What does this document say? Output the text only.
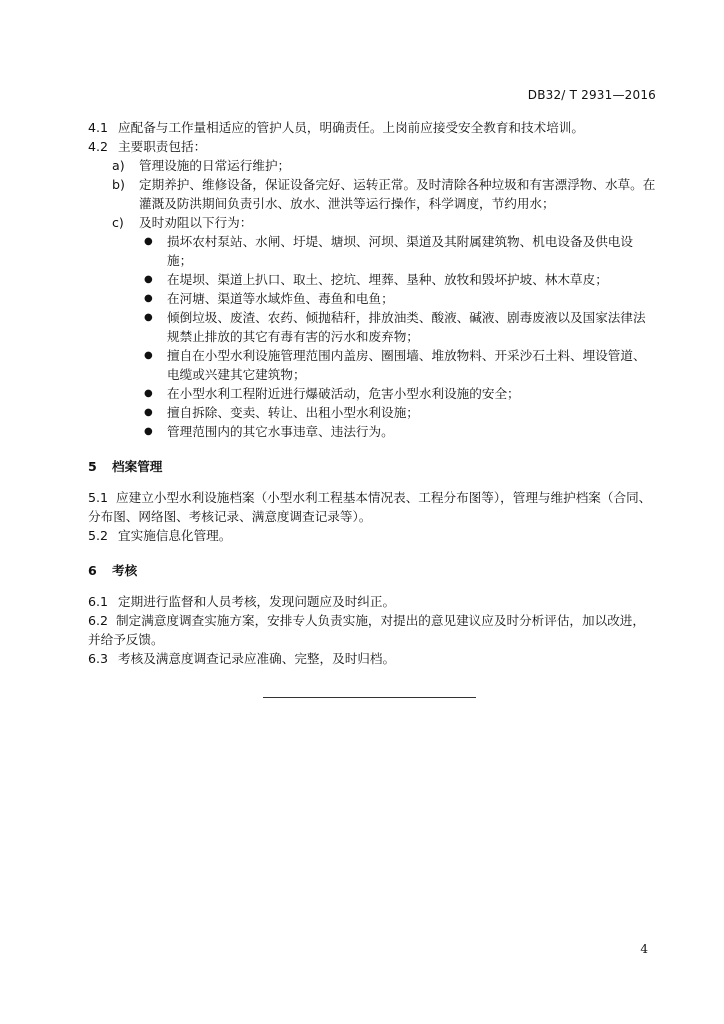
DB32/ T 2931—2016

4.1 应配备与工作量相适应的管护人员，明确责任。上岗前应接受安全教育和技术培训。

4.2 主要职责包括：

a) 管理设施的日常运行维护；
b) 定期养护、维修设备，保证设备完好、运转正常。及时清除各种垃圾和有害漂浮物、水草。在灌溉及防洪期间负责引水、放水、泄洪等运行操作，科学调度，节约用水；
c) 及时劝阻以下行为：
● 损坏农村泵站、水闸、圩堤、塘坝、河坝、渠道及其附属建筑物、机电设备及供电设施；
● 在堤坝、渠道上扒口、取土、挖坑、埋葬、垦种、放牧和毁坏护坡、林木草皮；
● 在河塘、渠道等水域炸鱼、毒鱼和电鱼；
● 倾倒垃圾、废渣、农药、倾抛秸秆，排放油类、酸液、碱液、剧毒废液以及国家法律法规禁止排放的其它有毒有害的污水和废弃物；
● 擅自在小型水利设施管理范围内盖房、圈围墙、堆放物料、开采沙石土料、埋设管道、电缆或兴建其它建筑物；
● 在小型水利工程附近进行爆破活动，危害小型水利设施的安全；
● 擅自拆除、变卖、转让、出租小型水利设施；
● 管理范围内的其它水事违章、违法行为。
5 档案管理

5.1 应建立小型水利设施档案（小型水利工程基本情况表、工程分布图等），管理与维护档案（合同、分布图、网络图、考核记录、满意度调查记录等）。

5.2 宜实施信息化管理。

6 考核

6.1 定期进行监督和人员考核，发现问题应及时纠正。

6.2 制定满意度调查实施方案，安排专人负责实施，对提出的意见建议应及时分析评估，加以改进，并给予反馈。

6.3 考核及满意度调查记录应准确、完整，及时归档。

4
